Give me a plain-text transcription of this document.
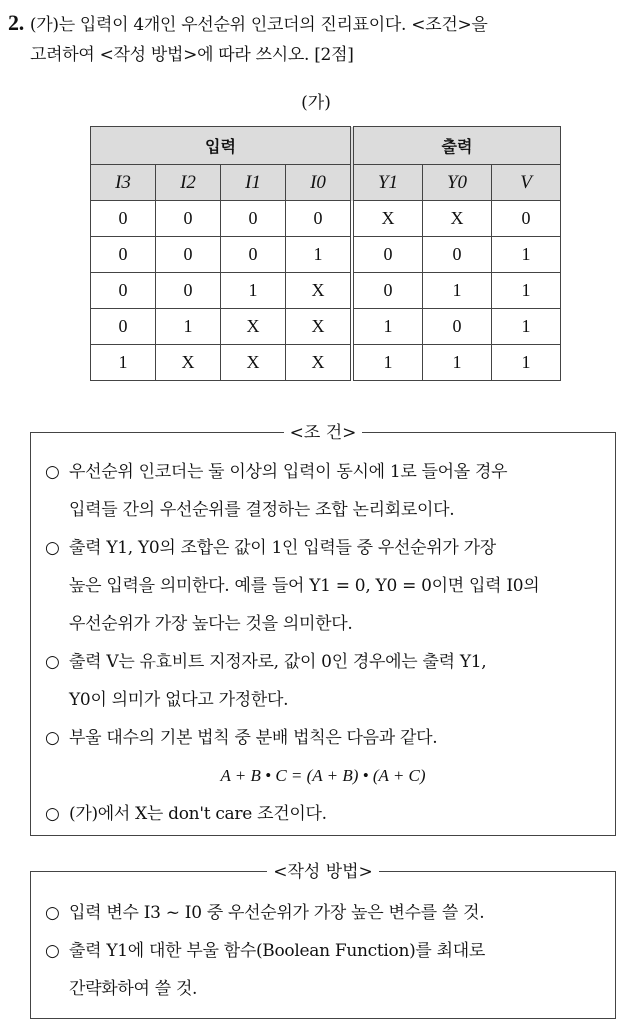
2. (가)는 입력이 4개인 우선순위 인코더의 진리표이다. <조건>을
고려하여 <작성 방법>에 따라 쓰시오. [2점]
(가)
입력				출력		
I3	I2	I1	I0	Y1	Y0	V
0	0	0	0	X	X	0
0	0	0	1	0	0	1
0	0	1	X	0	1	1
0	1	X	X	1	0	1
1	X	X	X	1	1	1
<조 건>
○ 우선순위 인코더는 둘 이상의 입력이 동시에 1로 들어올 경우
입력들 간의 우선순위를 결정하는 조합 논리회로이다.
○ 출력 Y1, Y0의 조합은 값이 1인 입력들 중 우선순위가 가장
높은 입력을 의미한다. 예를 들어 Y1 = 0, Y0 = 0이면 입력 I0의
우선순위가 가장 높다는 것을 의미한다.
○ 출력 V는 유효비트 지정자로, 값이 0인 경우에는 출력 Y1,
Y0이 의미가 없다고 가정한다.
○ 부울 대수의 기본 법칙 중 분배 법칙은 다음과 같다.
A + B • C = (A + B) • (A + C)
○ (가)에서 X는 don't care 조건이다.
<작성 방법>
○ 입력 변수 I3 ~ I0 중 우선순위가 가장 높은 변수를 쓸 것.
○ 출력 Y1에 대한 부울 함수(Boolean Function)를 최대로
간략화하여 쓸 것.
